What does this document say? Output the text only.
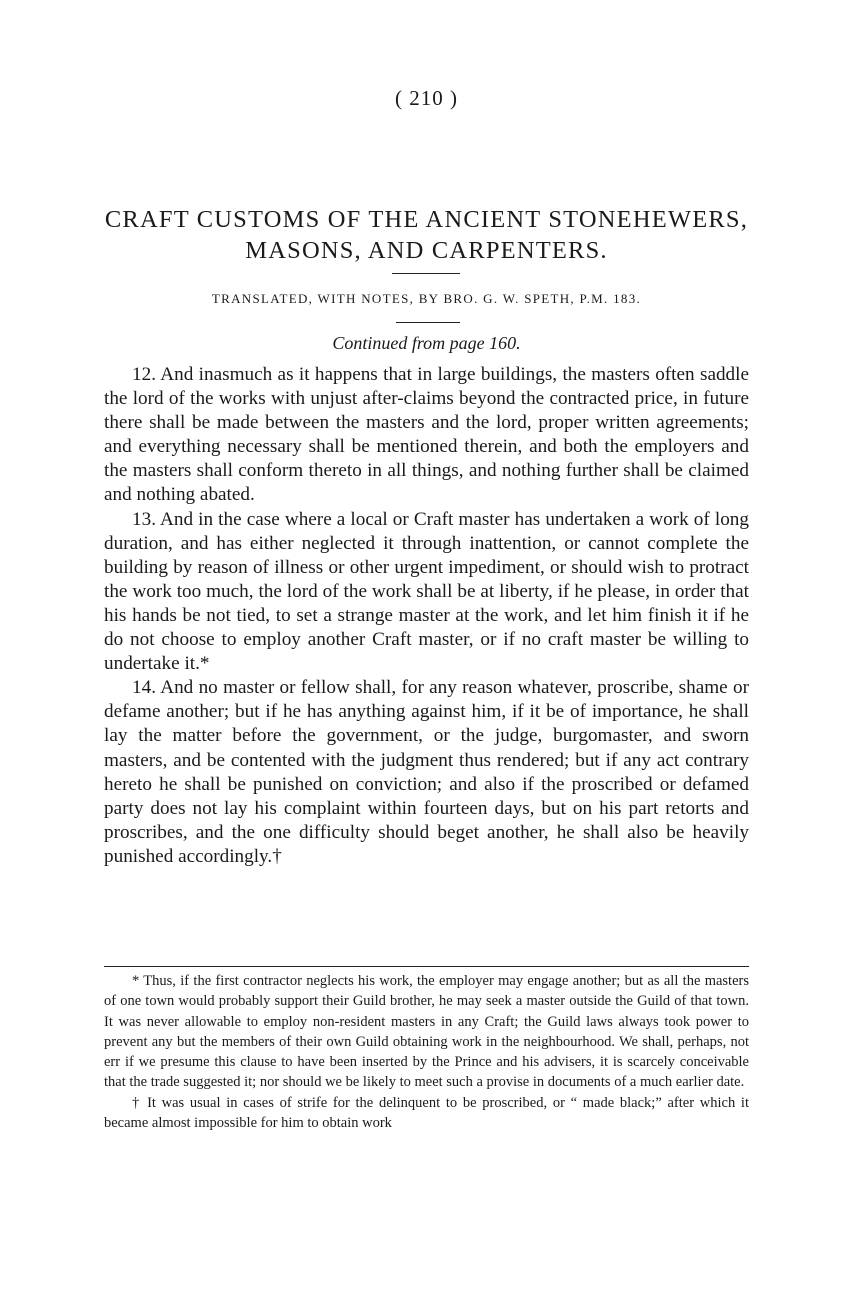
( 210 )
CRAFT CUSTOMS OF THE ANCIENT STONEHEWERS,
MASONS, AND CARPENTERS.
TRANSLATED, WITH NOTES, BY BRO. G. W. SPETH, P.M. 183.
Continued from page 160.

12. And inasmuch as it happens that in large buildings, the masters often saddle the lord of the works with unjust after-claims beyond the contracted price, in future there shall be made between the masters and the lord, proper written agreements; and everything necessary shall be mentioned therein, and both the employers and the masters shall conform thereto in all things, and nothing further shall be claimed and nothing abated.

13. And in the case where a local or Craft master has undertaken a work of long duration, and has either neglected it through inattention, or cannot complete the building by reason of illness or other urgent impediment, or should wish to protract the work too much, the lord of the work shall be at liberty, if he please, in order that his hands be not tied, to set a strange master at the work, and let him finish it if he do not choose to employ another Craft master, or if no craft master be willing to undertake it.*

14. And no master or fellow shall, for any reason whatever, proscribe, shame or defame another; but if he has anything against him, if it be of importance, he shall lay the matter before the government, or the judge, burgomaster, and sworn masters, and be contented with the judgment thus rendered; but if any act contrary hereto he shall be punished on conviction; and also if the proscribed or defamed party does not lay his complaint within fourteen days, but on his part retorts and proscribes, and the one difficulty should beget another, he shall also be heavily punished accordingly.†

* Thus, if the first contractor neglects his work, the employer may engage another; but as all the masters of one town would probably support their Guild brother, he may seek a master outside the Guild of that town. It was never allowable to employ non-resident masters in any Craft; the Guild laws always took power to prevent any but the members of their own Guild obtaining work in the neighbourhood. We shall, perhaps, not err if we presume this clause to have been inserted by the Prince and his advisers, it is scarcely conceivable that the trade suggested it; nor should we be likely to meet such a provise in documents of a much earlier date.

† It was usual in cases of strife for the delinquent to be proscribed, or “ made black;” after which it became almost impossible for him to obtain work
